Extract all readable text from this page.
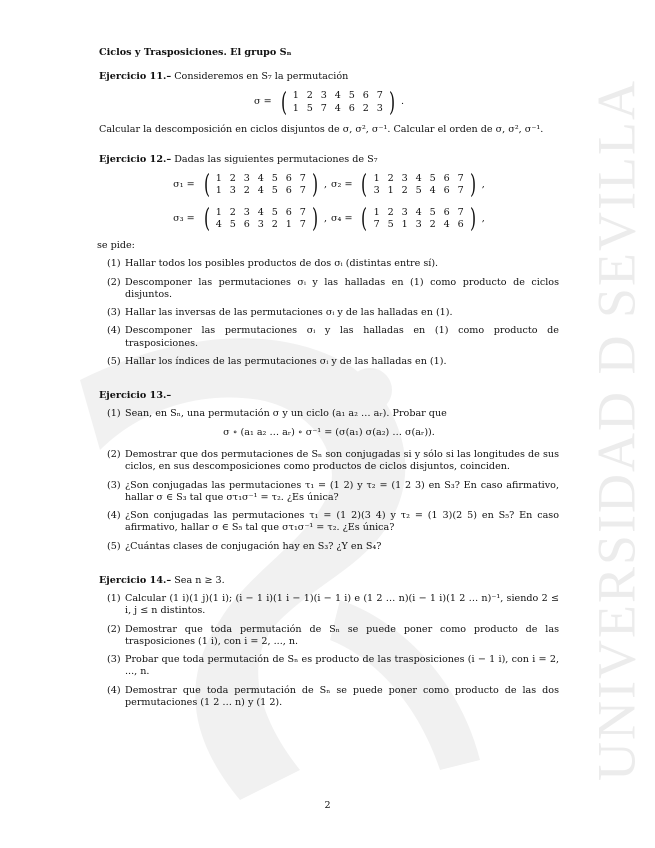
UNIVERSIDAD D SEVILLA
Ciclos y Trasposiciones. El grupo Sₙ
Ejercicio 11.– Consideremos en S₇ la permutación
σ = ( 1 2 3 4 5 6 7
1 5 7 4 6 2 3 ) .
Calcular la descomposición en ciclos disjuntos de σ, σ², σ⁻¹. Calcular el orden de σ, σ², σ⁻¹.
Ejercicio 12.– Dadas las siguientes permutaciones de S₇
σ₁ = ( 1 2 3 4 5 6 7
1 3 2 4 5 6 7 ) , σ₂ = ( 1 2 3 4 5 6 7
3 1 2 5 4 6 7 ) ,
σ₃ = ( 1 2 3 4 5 6 7
4 5 6 3 2 1 7 ) , σ₄ = ( 1 2 3 4 5 6 7
7 5 1 3 2 4 6 ) ,
se pide:
(1) Hallar todos los posibles productos de dos σᵢ (distintas entre sí).
(2) Descomponer las permutaciones σᵢ y las halladas en (1) como producto de ciclos disjuntos.
(3) Hallar las inversas de las permutaciones σᵢ y de las halladas en (1).
(4) Descomponer las permutaciones σᵢ y las halladas en (1) como producto de trasposiciones.
(5) Hallar los índices de las permutaciones σᵢ y de las halladas en (1).
Ejercicio 13.–
(1) Sean, en Sₙ, una permutación σ y un ciclo (a₁ a₂ … aᵣ). Probar que
σ ∘ (a₁ a₂ … aᵣ) ∘ σ⁻¹ = (σ(a₁) σ(a₂) … σ(aᵣ)).
(2) Demostrar que dos permutaciones de Sₙ son conjugadas si y sólo si las longitudes de sus ciclos, en sus descomposiciones como productos de ciclos disjuntos, coinciden.
(3) ¿Son conjugadas las permutaciones τ₁ = (1 2) y τ₂ = (1 2 3) en S₃? En caso afirmativo, hallar σ ∈ S₃ tal que στ₁σ⁻¹ = τ₂. ¿Es única?
(4) ¿Son conjugadas las permutaciones τ₁ = (1 2)(3 4) y τ₂ = (1 3)(2 5) en S₅? En caso afirmativo, hallar σ ∈ S₅ tal que στ₁σ⁻¹ = τ₂. ¿Es única?
(5) ¿Cuántas clases de conjugación hay en S₃? ¿Y en S₄?
Ejercicio 14.– Sea n ≥ 3.
(1) Calcular (1 i)(1 j)(1 i); (i − 1 i)(1 i − 1)(i − 1 i) e (1 2 … n)(i − 1 i)(1 2 … n)⁻¹, siendo 2 ≤ i, j ≤ n distintos.
(2) Demostrar que toda permutación de Sₙ se puede poner como producto de las trasposiciones (1 i), con i = 2, ..., n.
(3) Probar que toda permutación de Sₙ es producto de las trasposiciones (i − 1 i), con i = 2, ..., n.
(4) Demostrar que toda permutación de Sₙ se puede poner como producto de las dos permutaciones (1 2 … n) y (1 2).
2
